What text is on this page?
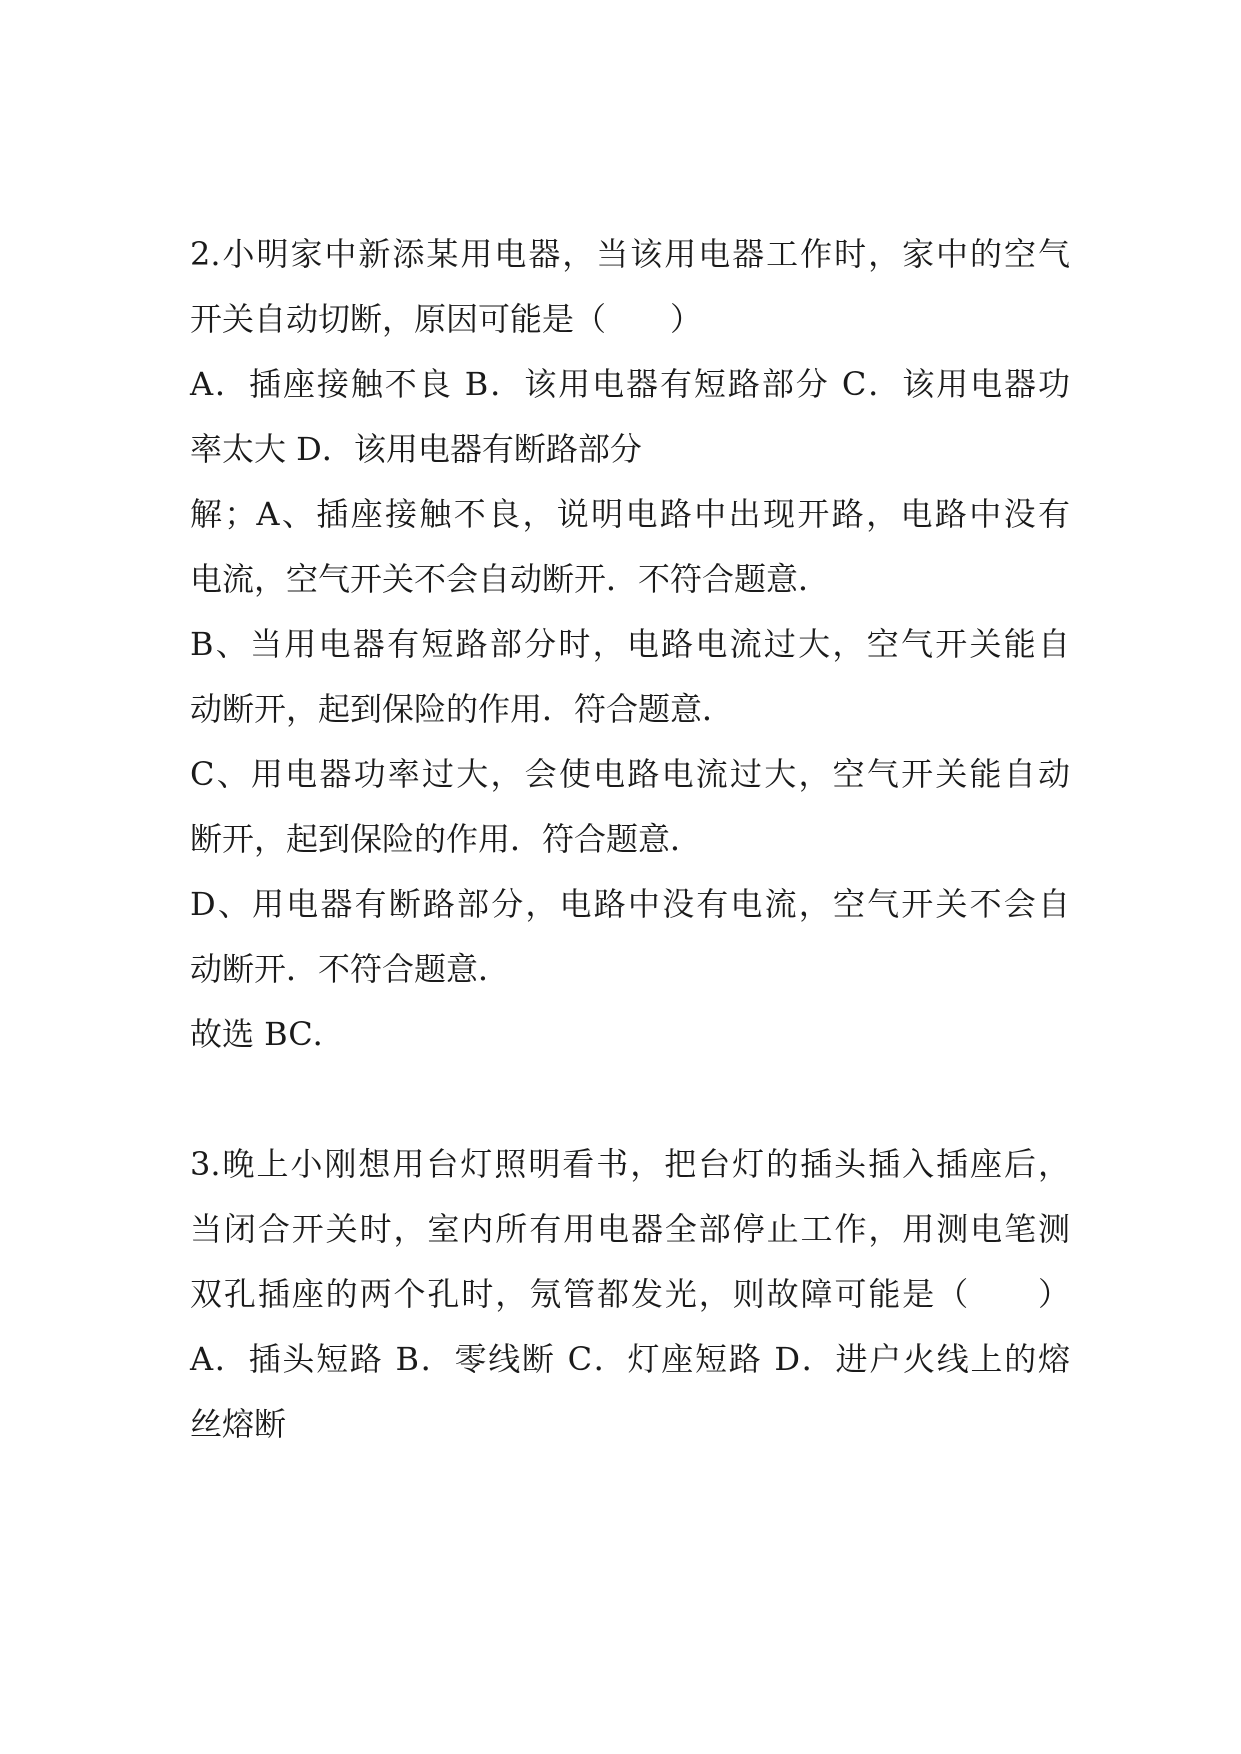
2.小明家中新添某用电器，当该用电器工作时，家中的空气
开关自动切断，原因可能是（　　）
A．插座接触不良 B．该用电器有短路部分 C．该用电器功
率太大 D．该用电器有断路部分
解；A、插座接触不良，说明电路中出现开路，电路中没有
电流，空气开关不会自动断开．不符合题意．
B、当用电器有短路部分时，电路电流过大，空气开关能自
动断开，起到保险的作用．符合题意．
C、用电器功率过大，会使电路电流过大，空气开关能自动
断开，起到保险的作用．符合题意．
D、用电器有断路部分，电路中没有电流，空气开关不会自
动断开．不符合题意．
故选 BC．
3.晚上小刚想用台灯照明看书，把台灯的插头插入插座后，
当闭合开关时，室内所有用电器全部停止工作，用测电笔测
双孔插座的两个孔时，氖管都发光，则故障可能是（　　）
A．插头短路 B．零线断 C．灯座短路 D．进户火线上的熔
丝熔断
